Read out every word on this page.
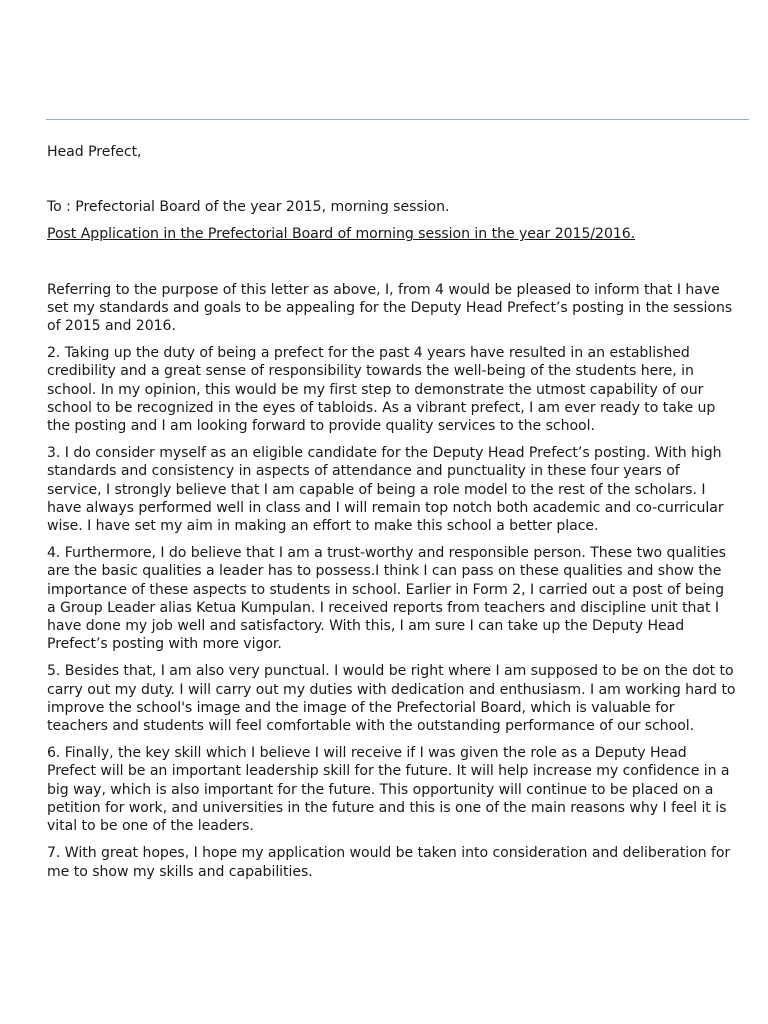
Head Prefect,

To : Prefectorial Board of the year 2015, morning session.

Post Application in the Prefectorial Board of morning session in the year 2015/2016.

Referring to the purpose of this letter as above, I, from 4 would be pleased to inform that I have set my standards and goals to be appealing for the Deputy Head Prefect’s posting in the sessions of 2015 and 2016.

2. Taking up the duty of being a prefect for the past 4 years have resulted in an established credibility and a great sense of responsibility towards the well-being of the students here, in school. In my opinion, this would be my first step to demonstrate the utmost capability of our school to be recognized in the eyes of tabloids. As a vibrant prefect, I am ever ready to take up the posting and I am looking forward to provide quality services to the school.

3. I do consider myself as an eligible candidate for the Deputy Head Prefect’s posting. With high standards and consistency in aspects of attendance and punctuality in these four years of service, I strongly believe that I am capable of being a role model to the rest of the scholars. I have always performed well in class and I will remain top notch both academic and co-curricular wise. I have set my aim in making an effort to make this school a better place.

4. Furthermore, I do believe that I am a trust-worthy and responsible person. These two qualities are the basic qualities a leader has to possess.I think I can pass on these qualities and show the importance of these aspects to students in school. Earlier in Form 2, I carried out a post of being a Group Leader alias Ketua Kumpulan. I received reports from teachers and discipline unit that I have done my job well and satisfactory. With this, I am sure I can take up the Deputy Head Prefect’s posting with more vigor.

5. Besides that, I am also very punctual. I would be right where I am supposed to be on the dot to carry out my duty. I will carry out my duties with dedication and enthusiasm. I am working hard to improve the school's image and the image of the Prefectorial Board, which is valuable for teachers and students will feel comfortable with the outstanding performance of our school.

6. Finally, the key skill which I believe I will receive if I was given the role as a Deputy Head Prefect will be an important leadership skill for the future. It will help increase my confidence in a big way, which is also important for the future. This opportunity will continue to be placed on a petition for work, and universities in the future and this is one of the main reasons why I feel it is vital to be one of the leaders.

7. With great hopes, I hope my application would be taken into consideration and deliberation for me to show my skills and capabilities.
